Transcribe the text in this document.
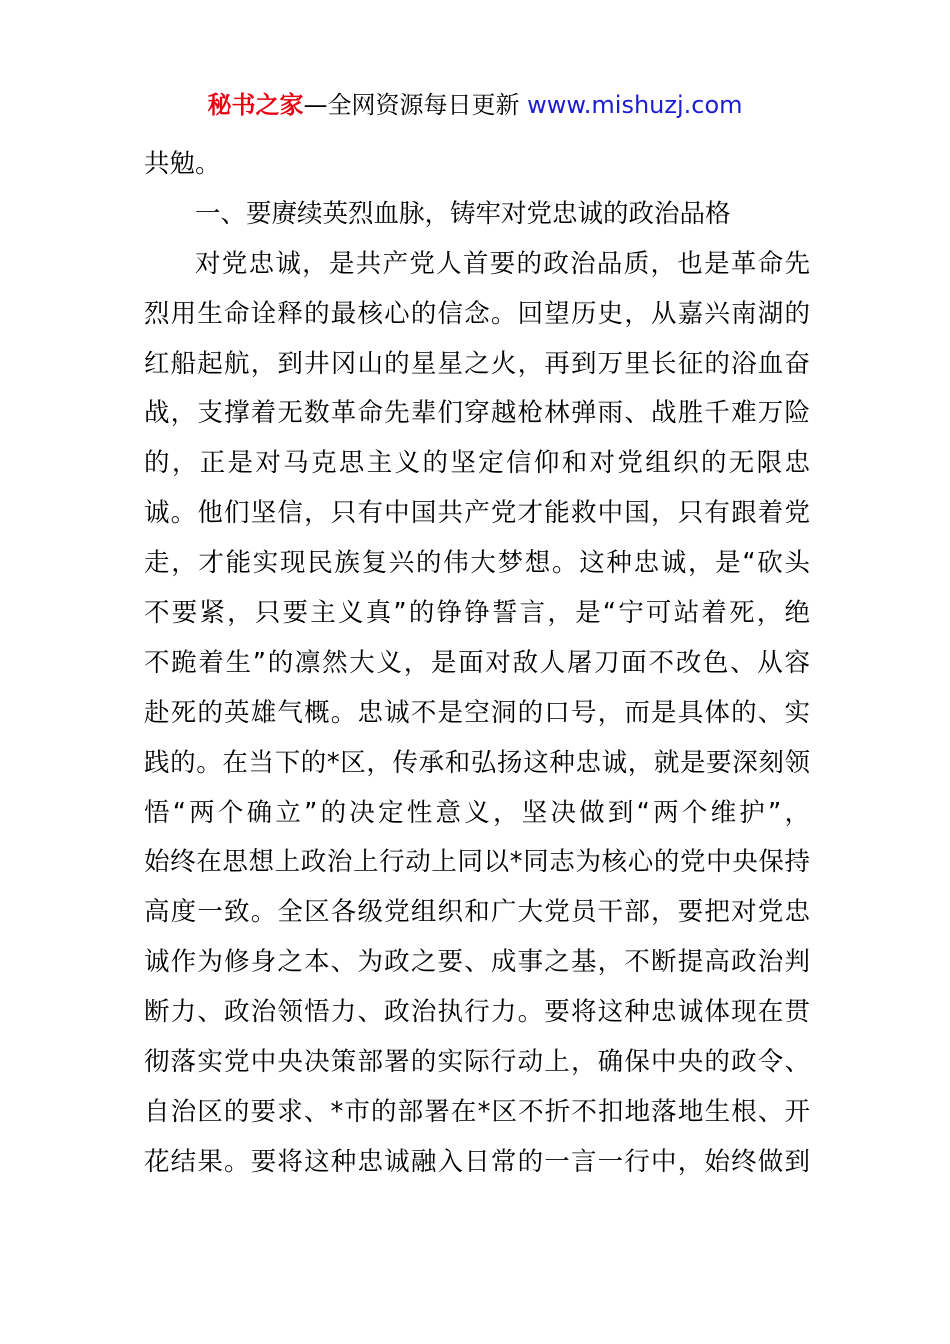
秘书之家—全网资源每日更新 www.mishuzj.com
共勉。
一、要赓续英烈血脉，铸牢对党忠诚的政治品格
对党忠诚，是共产党人首要的政治品质，也是革命先
烈用生命诠释的最核心的信念。回望历史，从嘉兴南湖的
红船起航，到井冈山的星星之火，再到万里长征的浴血奋
战，支撑着无数革命先辈们穿越枪林弹雨、战胜千难万险
的，正是对马克思主义的坚定信仰和对党组织的无限忠
诚。他们坚信，只有中国共产党才能救中国，只有跟着党
走，才能实现民族复兴的伟大梦想。这种忠诚，是“砍头
不要紧，只要主义真”的铮铮誓言，是“宁可站着死，绝
不跪着生”的凛然大义，是面对敌人屠刀面不改色、从容
赴死的英雄气概。忠诚不是空洞的口号，而是具体的、实
践的。在当下的*区，传承和弘扬这种忠诚，就是要深刻领
悟“两个确立”的决定性意义，坚决做到“两个维护”，
始终在思想上政治上行动上同以*同志为核心的党中央保持
高度一致。全区各级党组织和广大党员干部，要把对党忠
诚作为修身之本、为政之要、成事之基，不断提高政治判
断力、政治领悟力、政治执行力。要将这种忠诚体现在贯
彻落实党中央决策部署的实际行动上，确保中央的政令、
自治区的要求、*市的部署在*区不折不扣地落地生根、开
花结果。要将这种忠诚融入日常的一言一行中，始终做到
